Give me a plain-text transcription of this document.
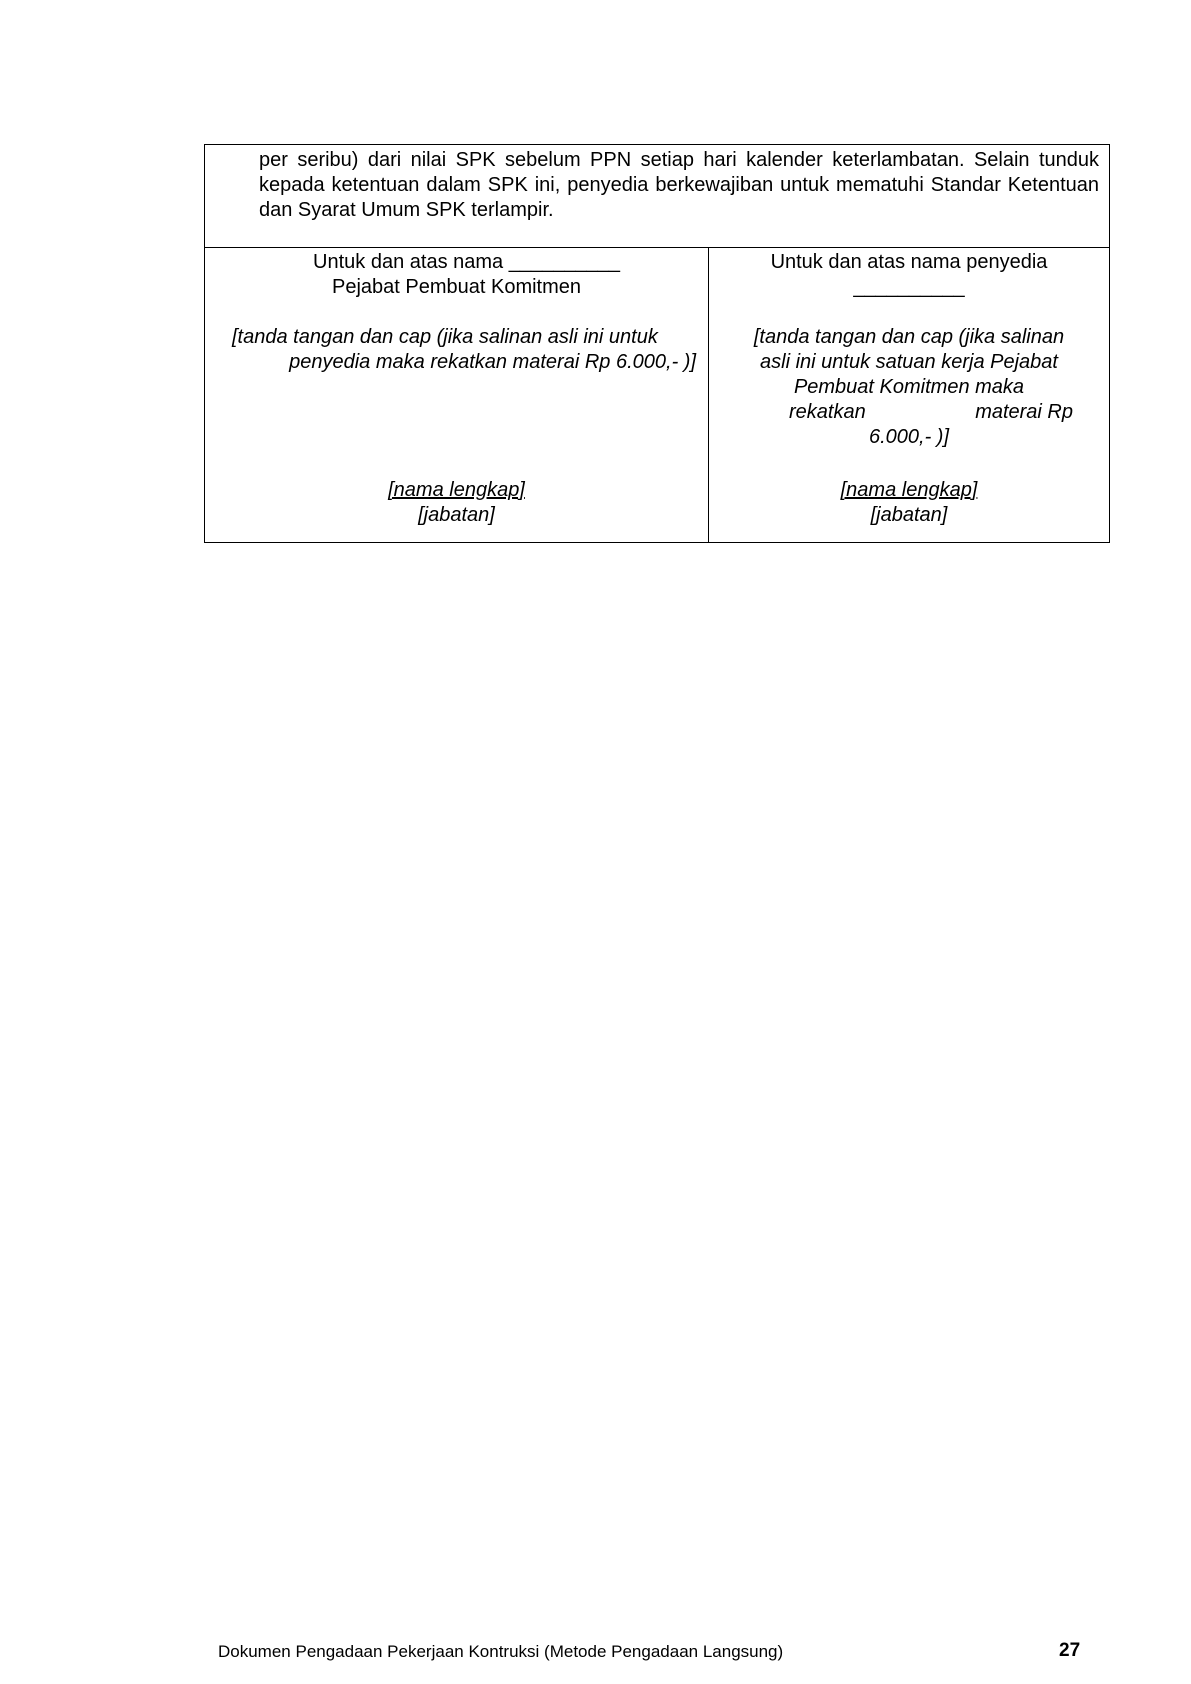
per seribu) dari nilai SPK sebelum PPN setiap hari kalender keterlambatan. Selain tunduk kepada ketentuan dalam SPK ini, penyedia berkewajiban untuk mematuhi Standar Ketentuan dan Syarat Umum SPK terlampir.

Untuk dan atas nama __________
Pejabat Pembuat Komitmen
[tanda tangan dan cap (jika salinan asli ini untuk
penyedia maka rekatkan materai Rp 6.000,- )]
[nama lengkap]
[jabatan]
Untuk dan atas nama penyedia
__________
[tanda tangan dan cap (jika salinan
asli ini untuk satuan kerja Pejabat
Pembuat Komitmen maka
rekatkan	materai Rp
6.000,- )]
[nama lengkap]
[jabatan]
Dokumen Pengadaan Pekerjaan Kontruksi (Metode Pengadaan Langsung)	27
